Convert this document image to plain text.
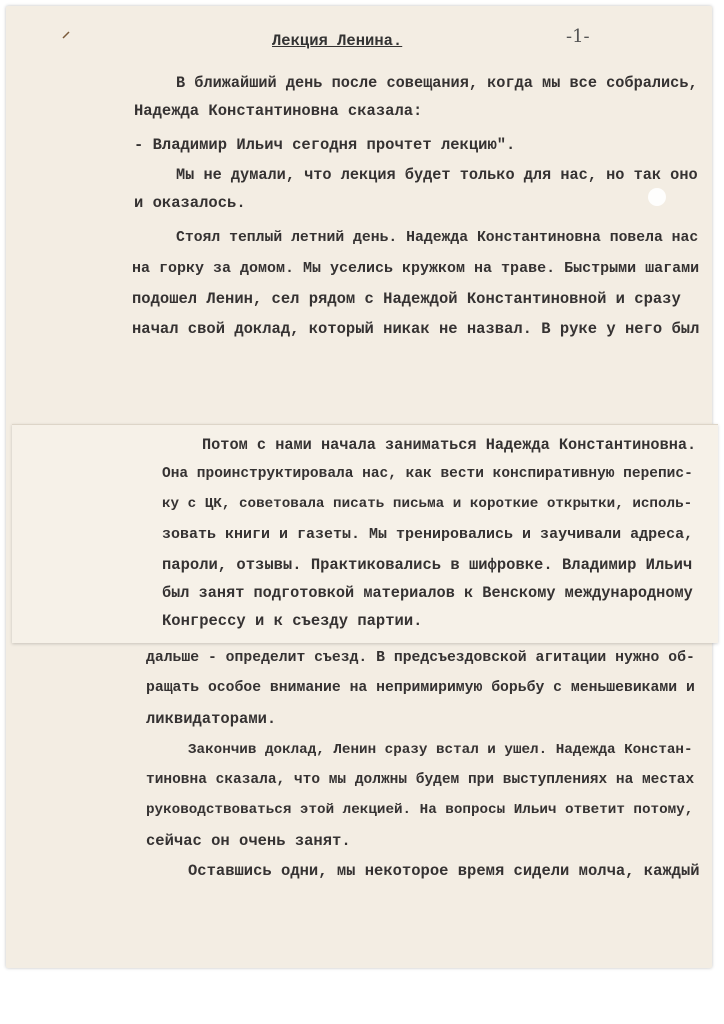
Лекция Ленина.	-1-
В ближайший день после совещания, когда мы все собрались,
Надежда Константиновна сказала:
- Владимир Ильич сегодня прочтет лекцию".
Мы не думали, что лекция будет только для нас, но так оно
и оказалось.
Стоял теплый летний день. Надежда Константиновна повела нас
на горку за домом. Мы уселись кружком на траве. Быстрыми шагами
подошел Ленин, сел рядом с Надеждой Константиновной и сразу
начал свой доклад, который никак не назвал. В руке у него был
Потом с нами начала заниматься Надежда Константиновна.
Она проинструктировала нас, как вести конспиративную перепис-
ку с ЦК, советовала писать письма и короткие открытки, исполь-
зовать книги и газеты. Мы тренировались и заучивали адреса,
пароли, отзывы. Практиковались в шифровке. Владимир Ильич
был занят подготовкой материалов к Венскому международному
Конгрессу и к съезду партии.
дальше - определит съезд. В предсъездовской агитации нужно об-
ращать особое внимание на непримиримую борьбу с меньшевиками и
ликвидаторами.
Закончив доклад, Ленин сразу встал и ушел. Надежда Констан-
тиновна сказала, что мы должны будем при выступлениях на местах
руководствоваться этой лекцией. На вопросы Ильич ответит потому,
сейчас он очень занят.
Оставшись одни, мы некоторое время сидели молча, каждый
